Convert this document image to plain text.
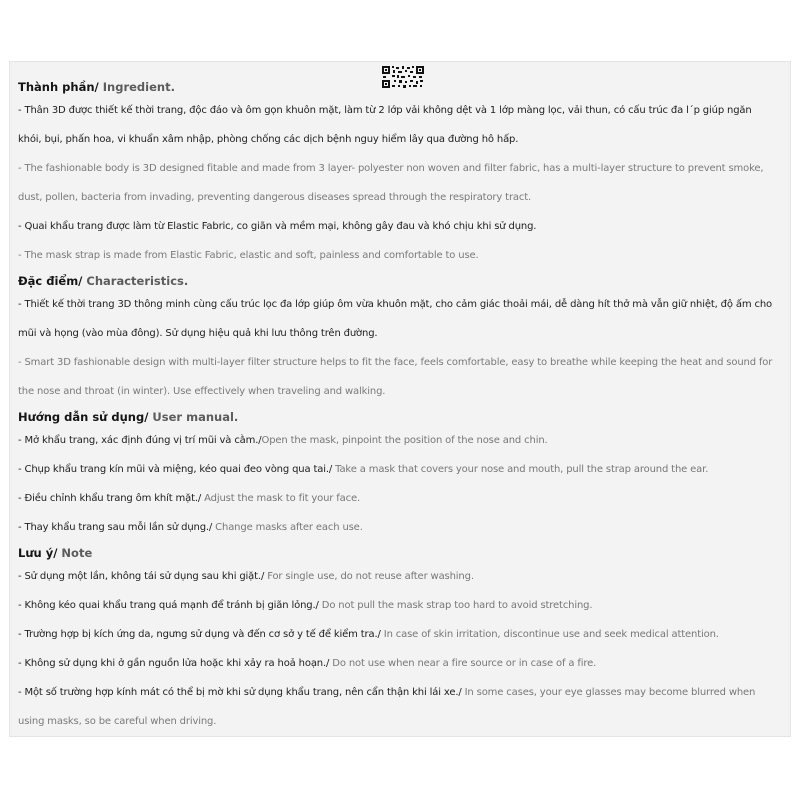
Thành phần/ Ingredient.

- Thân 3D được thiết kế thời trang, độc đáo và ôm gọn khuôn mặt, làm từ 2 lớp vải không dệt và 1 lớp màng lọc, vải thun, có cấu trúc đa l´p giúp ngăn

khói, bụi, phấn hoa, vi khuẩn xâm nhập, phòng chống các dịch bệnh nguy hiểm lây qua đường hô hấp.

- The fashionable body is 3D designed fitable and made from 3 layer- polyester non woven and filter fabric, has a multi-layer structure to prevent smoke,

dust, pollen, bacteria from invading, preventing dangerous diseases spread through the respiratory tract.

- Quai khẩu trang được làm từ Elastic Fabric, co giãn và mềm mại, không gây đau và khó chịu khi sử dụng.

- The mask strap is made from Elastic Fabric, elastic and soft, painless and comfortable to use.

Đặc điểm/ Characteristics.

- Thiết kế thời trang 3D thông minh cùng cấu trúc lọc đa lớp giúp ôm vừa khuôn mặt, cho cảm giác thoải mái, dễ dàng hít thở mà vẫn giữ nhiệt, độ ấm cho

mũi và họng (vào mùa đông). Sử dụng hiệu quả khi lưu thông trên đường.

- Smart 3D fashionable design with multi-layer filter structure helps to fit the face, feels comfortable, easy to breathe while keeping the heat and sound for

the nose and throat (in winter). Use effectively when traveling and walking.

Hướng dẫn sử dụng/ User manual.

- Mở khẩu trang, xác định đúng vị trí mũi và cằm./Open the mask, pinpoint the position of the nose and chin.

- Chụp khẩu trang kín mũi và miệng, kéo quai đeo vòng qua tai./ Take a mask that covers your nose and mouth, pull the strap around the ear.

- Điều chỉnh khẩu trang ôm khít mặt./ Adjust the mask to fit your face.

- Thay khẩu trang sau mỗi lần sử dụng./ Change masks after each use.

Lưu ý/ Note

- Sử dụng một lần, không tái sử dụng sau khi giặt./ For single use, do not reuse after washing.

- Không kéo quai khẩu trang quá mạnh để tránh bị giãn lỏng./ Do not pull the mask strap too hard to avoid stretching.

- Trường hợp bị kích ứng da, ngưng sử dụng và đến cơ sở y tế để kiểm tra./ In case of skin irritation, discontinue use and seek medical attention.

- Không sử dụng khi ở gần nguồn lửa hoặc khi xảy ra hoả hoạn./ Do not use when near a fire source or in case of a fire.

- Một số trường hợp kính mát có thể bị mờ khi sử dụng khẩu trang, nên cẩn thận khi lái xe./ In some cases, your eye glasses may become blurred when

using masks, so be careful when driving.
